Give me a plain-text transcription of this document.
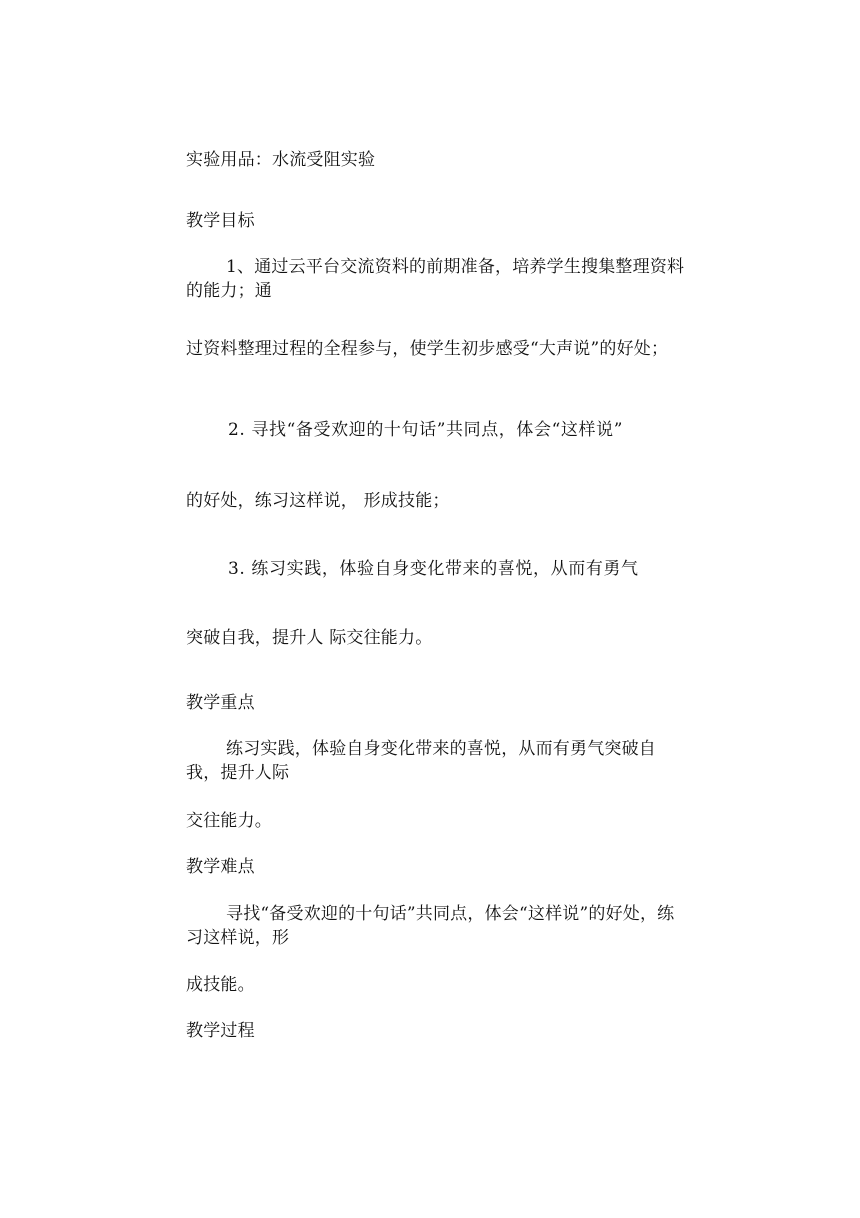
实验用品：水流受阻实验
教学目标
1、通过云平台交流资料的前期准备，培养学生搜集整理资料的能力；通
过资料整理过程的全程参与，使学生初步感受“大声说”的好处；
2. 寻找“备受欢迎的十句话”共同点，体会“这样说”
的好处，练习这样说， 形成技能；
3. 练习实践，体验自身变化带来的喜悦，从而有勇气
突破自我，提升人 际交往能力。
教学重点
练习实践，体验自身变化带来的喜悦，从而有勇气突破自我，提升人际
交往能力。
教学难点
寻找“备受欢迎的十句话”共同点，体会“这样说”的好处，练习这样说，形
成技能。
教学过程
